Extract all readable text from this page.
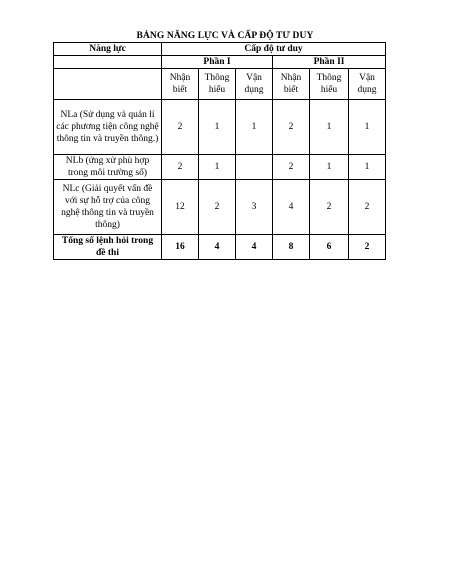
BẢNG NĂNG LỰC VÀ CẤP ĐỘ TƯ DUY
Năng lực	Cấp độ tư duy					
	Phần I			Phần II		
	Nhận biết	Thông hiểu	Vận dụng	Nhận biết	Thông hiểu	Vận dụng
NLa (Sử dụng và quản lí các phương tiện công nghệ thông tin và truyền thông.)	2	1	1	2	1	1
NLb (ứng xử phù hợp trong môi trường số)	2	1		2	1	1
NLc (Giải quyết vấn đề với sự hỗ trợ của công nghệ thông tin và truyền thông)	12	2	3	4	2	2
Tổng số lệnh hỏi trong đề thi	16	4	4	8	6	2
